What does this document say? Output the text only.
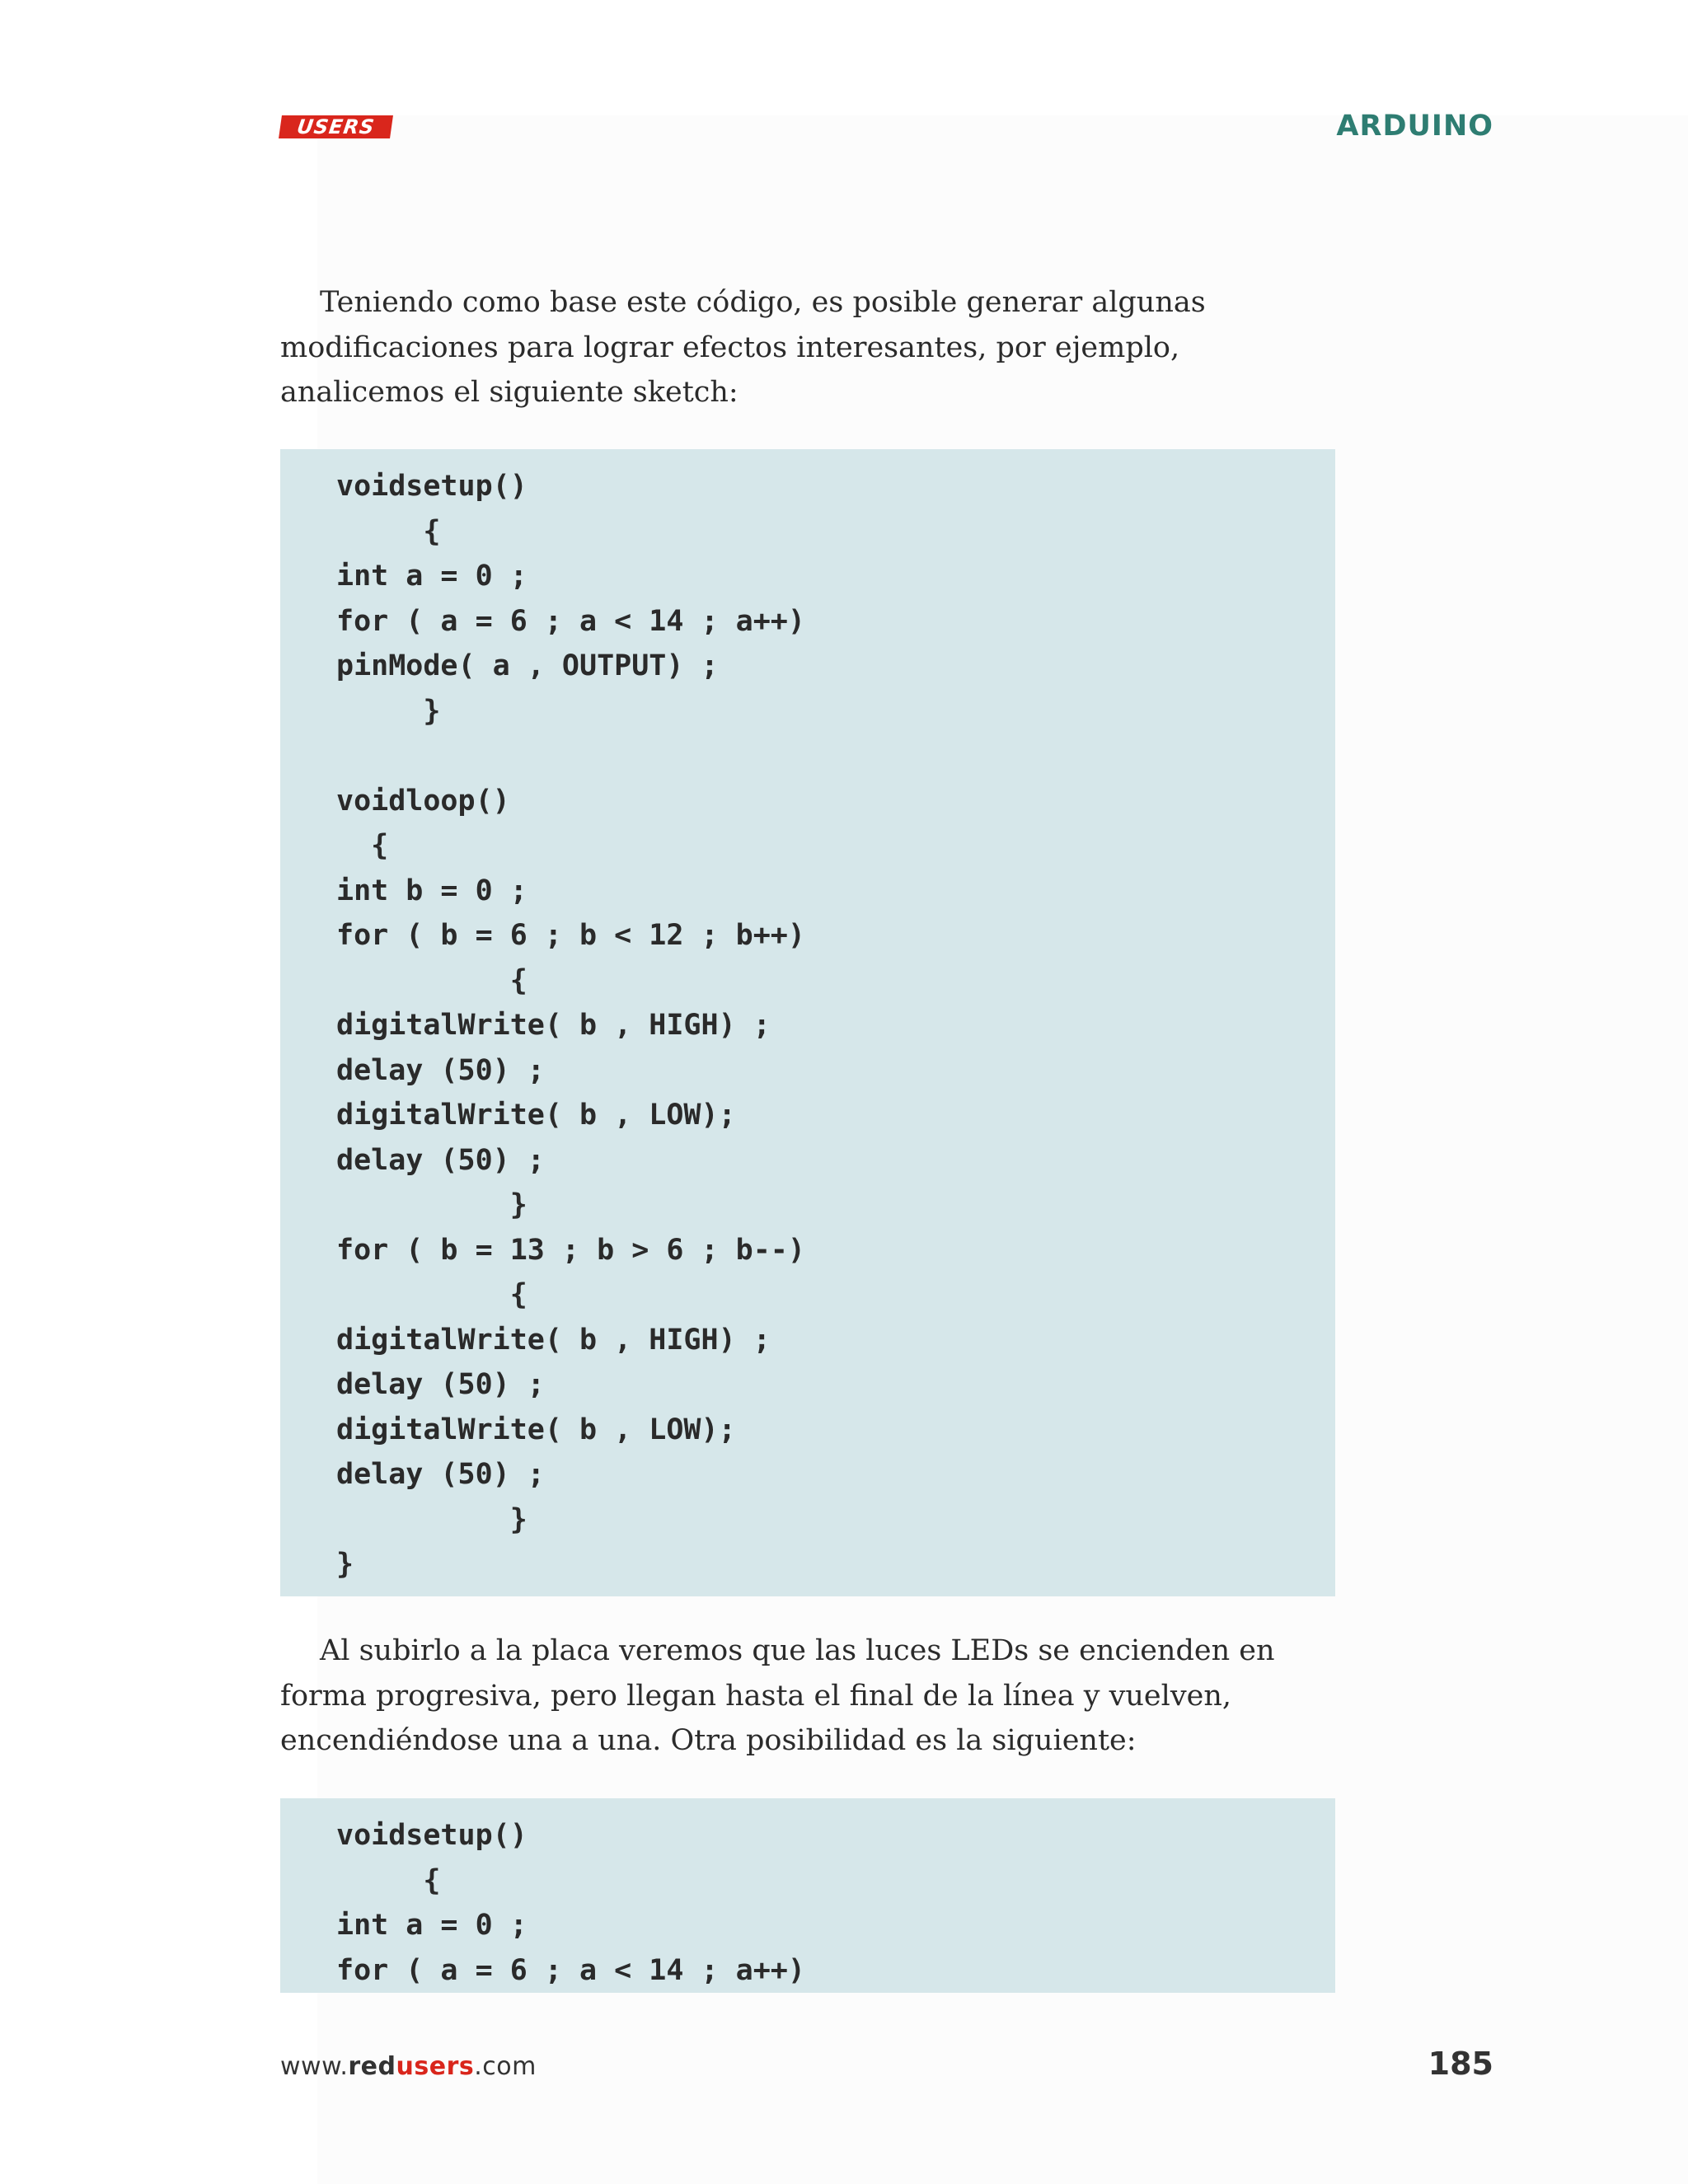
USERS	ARDUINO
Teniendo como base este código, es posible generar algunas
modificaciones para lograr efectos interesantes, por ejemplo,
analicemos el siguiente sketch:
voidsetup()
{
int a = 0 ;
for ( a = 6 ; a < 14 ; a++)
pinMode( a , OUTPUT) ;
}
voidloop()
{
int b = 0 ;
for ( b = 6 ; b < 12 ; b++)
{
digitalWrite( b , HIGH) ;
delay (50) ;
digitalWrite( b , LOW);
delay (50) ;
}
for ( b = 13 ; b > 6 ; b--)
{
digitalWrite( b , HIGH) ;
delay (50) ;
digitalWrite( b , LOW);
delay (50) ;
}
}
Al subirlo a la placa veremos que las luces LEDs se encienden en
forma progresiva, pero llegan hasta el final de la línea y vuelven,
encendiéndose una a una. Otra posibilidad es la siguiente:
voidsetup()
{
int a = 0 ;
for ( a = 6 ; a < 14 ; a++)
www.redusers.com	185
